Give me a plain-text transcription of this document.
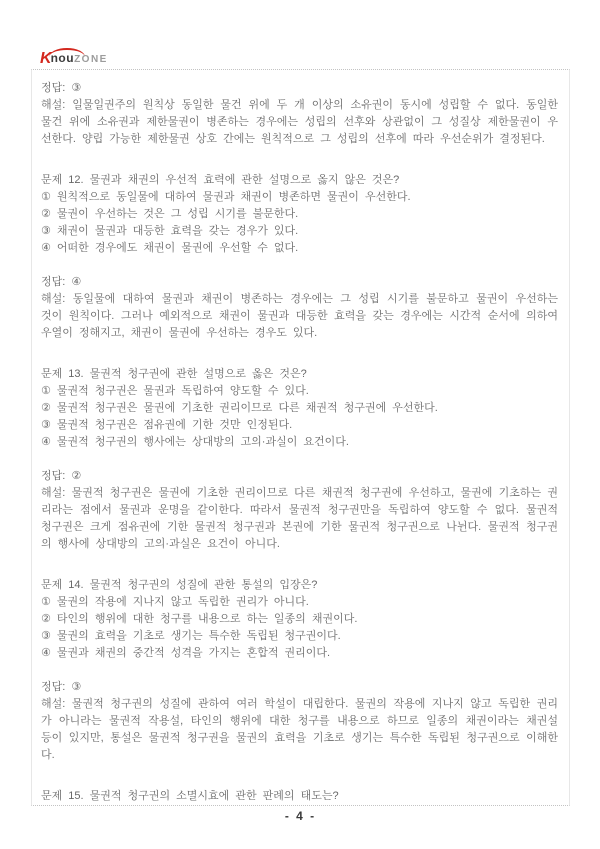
K
nouZONE

정답: ③

해설: 일물일권주의 원칙상 동일한 물건 위에 두 개 이상의 소유권이 동시에 성립할 수 없다. 동일한 물건 위에 소유권과 제한물권이 병존하는 경우에는 성립의 선후와 상관없이 그 성질상 제한물권이 우선한다. 양립 가능한 제한물권 상호 간에는 원칙적으로 그 성립의 선후에 따라 우선순위가 결정된다.

문제 12. 물권과 채권의 우선적 효력에 관한 설명으로 옳지 않은 것은?

① 원칙적으로 동일물에 대하여 물권과 채권이 병존하면 물권이 우선한다.

② 물권이 우선하는 것은 그 성립 시기를 불문한다.

③ 채권이 물권과 대등한 효력을 갖는 경우가 있다.

④ 어떠한 경우에도 채권이 물권에 우선할 수 없다.

정답: ④

해설: 동일물에 대하여 물권과 채권이 병존하는 경우에는 그 성립 시기를 불문하고 물권이 우선하는 것이 원칙이다. 그러나 예외적으로 채권이 물권과 대등한 효력을 갖는 경우에는 시간적 순서에 의하여 우열이 정해지고, 채권이 물권에 우선하는 경우도 있다.

문제 13. 물권적 청구권에 관한 설명으로 옳은 것은?

① 물권적 청구권은 물권과 독립하여 양도할 수 있다.

② 물권적 청구권은 물권에 기초한 권리이므로 다른 채권적 청구권에 우선한다.

③ 물권적 청구권은 점유권에 기한 것만 인정된다.

④ 물권적 청구권의 행사에는 상대방의 고의·과실이 요건이다.

정답: ②

해설: 물권적 청구권은 물권에 기초한 권리이므로 다른 채권적 청구권에 우선하고, 물권에 기초하는 권리라는 점에서 물권과 운명을 같이한다. 따라서 물권적 청구권만을 독립하여 양도할 수 없다. 물권적 청구권은 크게 점유권에 기한 물권적 청구권과 본권에 기한 물권적 청구권으로 나뉜다. 물권적 청구권의 행사에 상대방의 고의·과실은 요건이 아니다.

문제 14. 물권적 청구권의 성질에 관한 통설의 입장은?

① 물권의 작용에 지나지 않고 독립한 권리가 아니다.

② 타인의 행위에 대한 청구를 내용으로 하는 일종의 채권이다.

③ 물권의 효력을 기초로 생기는 특수한 독립된 청구권이다.

④ 물권과 채권의 중간적 성격을 가지는 혼합적 권리이다.

정답: ③

해설: 물권적 청구권의 성질에 관하여 여러 학설이 대립한다. 물권의 작용에 지나지 않고 독립한 권리가 아니라는 물권적 작용설, 타인의 행위에 대한 청구를 내용으로 하므로 일종의 채권이라는 채권설 등이 있지만, 통설은 물권적 청구권을 물권의 효력을 기초로 생기는 특수한 독립된 청구권으로 이해한다.

문제 15. 물권적 청구권의 소멸시효에 관한 판례의 태도는?

- 4 -
